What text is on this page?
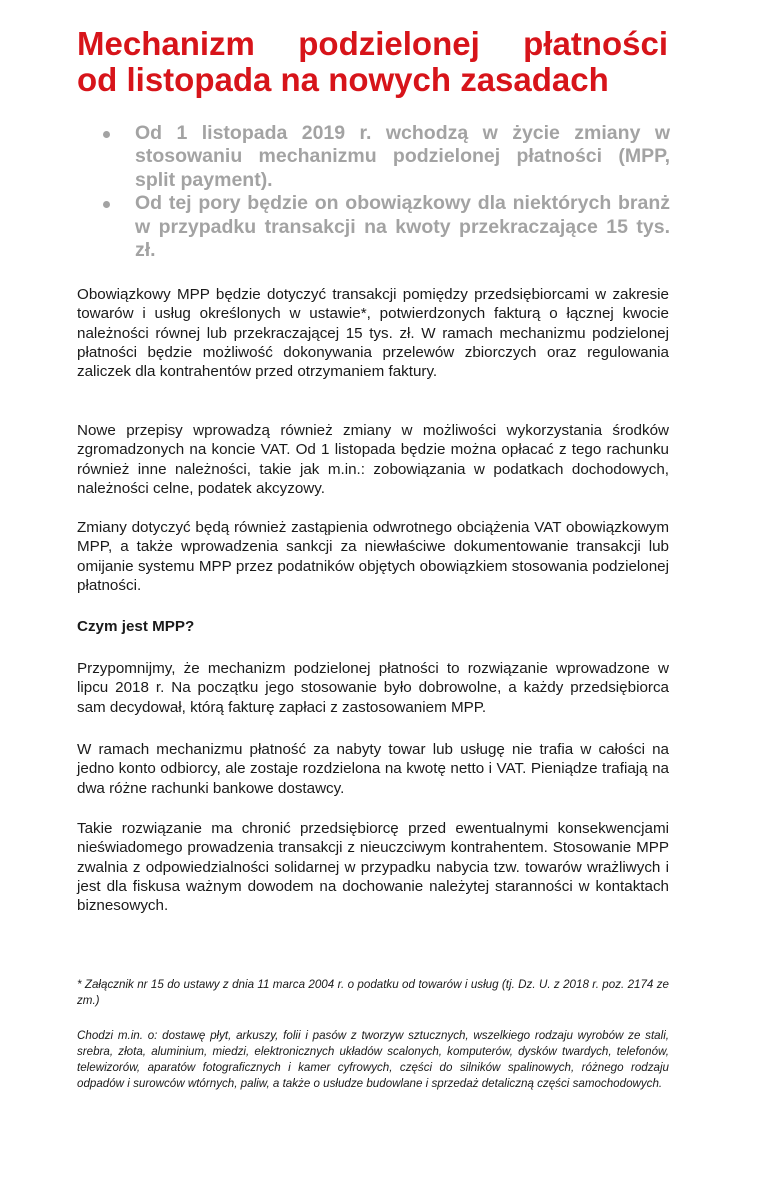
Mechanizm podzielonej płatności
od listopada na nowych zasadach
Od 1 listopada 2019 r. wchodzą w życie zmiany w stosowaniu mechanizmu podzielonej płatności (MPP, split payment).
Od tej pory będzie on obowiązkowy dla niektórych branż w przypadku transakcji na kwoty przekraczające 15 tys. zł.

Obowiązkowy MPP będzie dotyczyć transakcji pomiędzy przedsiębiorcami w zakresie towarów i usług określonych w ustawie*, potwierdzonych fakturą o łącznej kwocie należności równej lub przekraczającej 15 tys. zł. W ramach mechanizmu podzielonej płatności będzie możliwość dokonywania przelewów zbiorczych oraz regulowania zaliczek dla kontrahentów przed otrzymaniem faktury.

Nowe przepisy wprowadzą również zmiany w możliwości wykorzystania środków zgromadzonych na koncie VAT. Od 1 listopada będzie można opłacać z tego rachunku również inne należności, takie jak m.in.: zobowiązania w podatkach dochodowych, należności celne, podatek akcyzowy.

Zmiany dotyczyć będą również zastąpienia odwrotnego obciążenia VAT obowiązkowym MPP, a także wprowadzenia sankcji za niewłaściwe dokumentowanie transakcji lub omijanie systemu MPP przez podatników objętych obowiązkiem stosowania podzielonej płatności.

Czym jest MPP?

Przypomnijmy, że mechanizm podzielonej płatności to rozwiązanie wprowadzone w lipcu 2018 r. Na początku jego stosowanie było dobrowolne, a każdy przedsiębiorca sam decydował, którą fakturę zapłaci z zastosowaniem MPP.

W ramach mechanizmu płatność za nabyty towar lub usługę nie trafia w całości na jedno konto odbiorcy, ale zostaje rozdzielona na kwotę netto i VAT. Pieniądze trafiają na dwa różne rachunki bankowe dostawcy.

Takie rozwiązanie ma chronić przedsiębiorcę przed ewentualnymi konsekwencjami nieświadomego prowadzenia transakcji z nieuczciwym kontrahentem. Stosowanie MPP zwalnia z odpowiedzialności solidarnej w przypadku nabycia tzw. towarów wrażliwych i jest dla fiskusa ważnym dowodem na dochowanie należytej staranności w kontaktach biznesowych.

* Załącznik nr 15 do ustawy z dnia 11 marca 2004 r. o podatku od towarów i usług (tj. Dz. U. z 2018 r. poz. 2174 ze zm.)

Chodzi m.in. o: dostawę płyt, arkuszy, folii i pasów z tworzyw sztucznych, wszelkiego rodzaju wyrobów ze stali, srebra, złota, aluminium, miedzi, elektronicznych układów scalonych, komputerów, dysków twardych, telefonów, telewizorów, aparatów fotograficznych i kamer cyfrowych, części do silników spalinowych, różnego rodzaju odpadów i surowców wtórnych, paliw, a także o usłudze budowlane i sprzedaż detaliczną części samochodowych.
